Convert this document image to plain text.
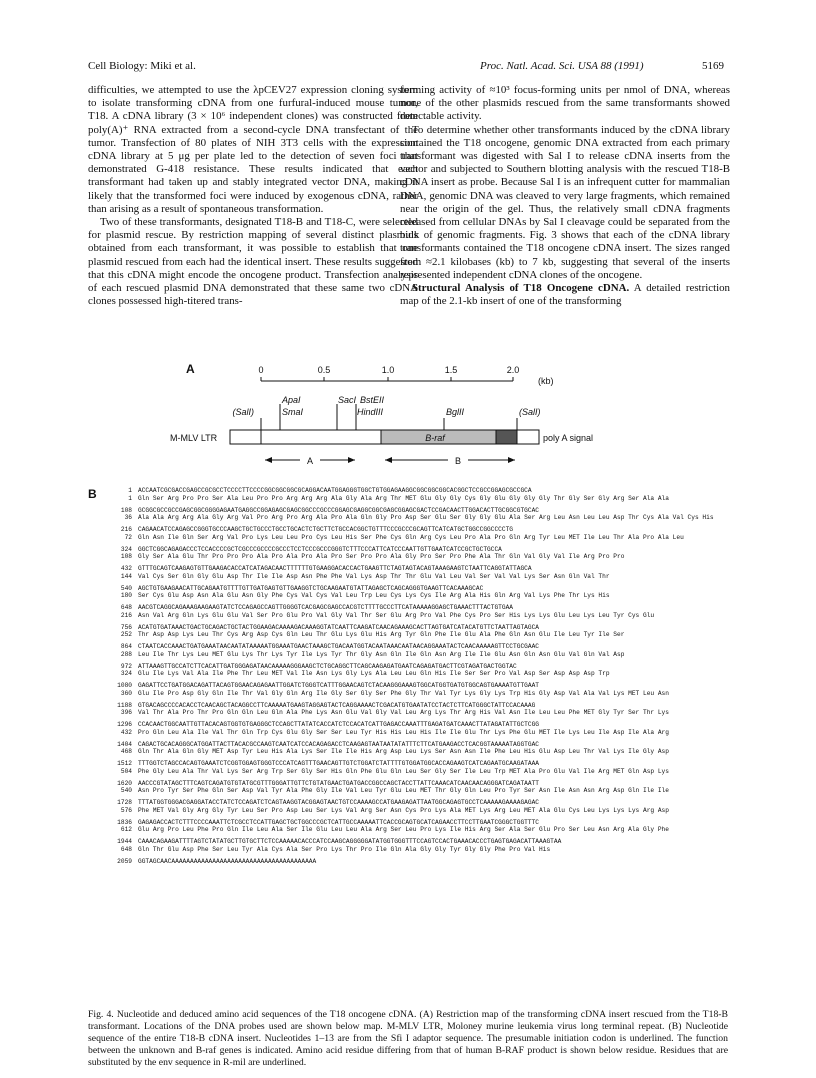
Cell Biology: Miki et al.	Proc. Natl. Acad. Sci. USA 88 (1991)	5169

difficulties, we attempted to use the λpCEV27 expression cloning system to isolate transforming cDNA from one furfural-induced mouse tumor, T18. A cDNA library (3 × 10⁶ independent clones) was constructed from poly(A)⁺ RNA extracted from a second-cycle DNA transfectant of the tumor. Transfection of 80 plates of NIH 3T3 cells with the expression cDNA library at 5 μg per plate led to the detection of seven foci that demonstrated G-418 resistance. These results indicated that each transformant had taken up and stably integrated vector DNA, making it likely that the transformed foci were induced by exogenous cDNA, rather than arising as a result of spontaneous transformation.

Two of these transformants, designated T18-B and T18-C, were selected for plasmid rescue. By restriction mapping of several distinct plasmids obtained from each transformant, it was possible to establish that one plasmid rescued from each had the identical insert. These results suggested that this cDNA might encode the oncogene product. Transfection analysis of each rescued plasmid DNA demonstrated that these same two cDNA clones possessed high-titered trans-

forming activity of ≈10³ focus-forming units per nmol of DNA, whereas none of the other plasmids rescued from the same transformants showed detectable activity.

To determine whether other transformants induced by the cDNA library contained the T18 oncogene, genomic DNA extracted from each primary transformant was digested with Sal I to release cDNA inserts from the vector and subjected to Southern blotting analysis with the rescued T18-B cDNA insert as probe. Because Sal I is an infrequent cutter for mammalian DNA, genomic DNA was cleaved to very large fragments, which remained near the origin of the gel. Thus, the relatively small cDNA fragments released from cellular DNAs by Sal I cleavage could be separated from the bulk of genomic fragments. Fig. 3 shows that each of the cDNA library transformants contained the T18 oncogene cDNA insert. The sizes ranged from ≈2.1 kilobases (kb) to 7 kb, suggesting that several of the inserts represented independent cDNA clones of the oncogene.

Structural Analysis of T18 Oncogene cDNA. A detailed restriction map of the 2.1-kb insert of one of the transforming

A	0	0.5	1.0	1.5	2.0
(kb)
ApaI
SmaI
SacI BstEII
HindIII	BglII
(SalI)	(SalI)
M-MLV LTR	B-raf	poly A signal
A	B
B	1 ACCAATCGCGACCGAGCCGCGCCTCCCCTTCCCCGGCGGCGGCGCAGGACAATGGAGGGTGGCTGTGGAGAAGGCGGCGGCGGCACGGCTCCGCCGGAGCGCCGCA
1 Gln Ser Arg Pro Pro Ser Ala Leu Pro Pro Arg Arg Arg Ala Gly Ala Arg Thr MET Glu Gly Gly Cys Gly Glu Gly Gly Gly Thr Gly Ser Gly Arg Ser Ala Ala
108 GCGGCGCCGCCGAGCGGCGGGGAGAATGAGGCCGGAGAGCGAGCGGCCCGCCCGGAGCGAGGCGGCGAGCGGAGCGACTCCGACAACTTGGACACTTGCGGCGTGCAC
36 Ala Ala Arg Arg Ala Gly Arg Val Pro Arg Pro Arg Ala Pro Ala Gln Gly Pro Asp Ser Glu Ser Gly Gly Glu Ala Ser Arg Leu Asn Leu Leu Asp Thr Cys Ala Val Cys His
216 CAGAACATCCAGAGCCGGGTGCCCAAGCTGCTGCCCTGCCTGCACTCTGCTTCTGCCACGGCTGTTTCCCGCCCGCAGTTCATCATGCTGGCCGGCCCCTG
72 Gln Asn Ile Gln Ser Arg Val Pro Lys Leu Leu Pro Cys Leu His Ser Phe Cys Gln Arg Cys Leu Pro Ala Pro Gln Arg Tyr Leu MET Ile Leu Thr Ala Pro Ala Leu
324 GGCTCGGCAGAGACCCTCCACCCCGCTCGCCCGCCCCGCCCTCCTCCCGCCCGGGTCTTTCCCATTCATCCCAATTGTTGAATCATCCGCTGCTGCCA
108 Gly Ser Ala Glu Thr Pro Pro Pro Ala Pro Ala Pro Ala Pro Ser Pro Pro Ala Gly Pro Ser Pro Phe Ala Thr Gln Val Gly Val Ile Arg Pro Pro
432 GTTTGCAGTCAAGAGTGTTGAAGACACCATCATAGACAACTTTTTTGTGAAGGACACCACTGAAGTTCTAGTAGTACAGTAAAGAAGTCTAATTCAGGTATTAGCA
144 Val Cys Ser Gln Gly Glu Asp Thr Ile Ile Asp Asn Phe Phe Val Lys Asp Thr Thr Glu Val Leu Val Ser Val Val Lys Ser Asn Gln Val Thr
540 AGCTGTGAAGAACATTGCAGAATGTTTTGTTGATGAGTGTTGAAGGTCTGCAAGAATGTATTAGAGCTCAGCAGGGTGAAGTTCACAAAGCAC
180 Ser Cys Glu Asp Asn Ala Glu Asn Gly Phe Cys Val Cys Val Leu Trp Leu Cys Lys Cys Ile Arg Ala His Gln Arg Val Lys Phe Thr Lys His
648 AACGTCAGGCAGAAAGAAGAAGTATCTCCAGAGCCAGTTGGGGTCACGAGCGAGCCACGTCTTTTGCCCTTCATAAAAAGGAGCTGAAACTTTACTGTGAA
216 Asn Val Arg Gln Lys Glu Glu Val Ser Pro Glu Pro Val Gly Val Thr Ser Glu Arg Pro Val Phe Cys Pro Ser His Lys Lys Glu Leu Lys Leu Tyr Cys Glu
756 ACATGTGATAAACTGACTGCAGACTGCTACTGGAAGACAAAAGACAAAGGTATCAATTCAAGATCAACAGAAAGCACTTAGTGATCATACATGTTCTAATTAGTAGCA
252 Thr Asp Asp Lys Leu Thr Cys Arg Asp Cys Gln Leu Thr Glu Lys Glu His Arg Tyr Gln Phe Ile Glu Ala Phe Gln Asn Glu Ile Leu Tyr Ile Ser
864 CTAATCACCAAACTGATGAAATAACAATATAAAAATGGAAATGAACTAAAGCTGACAATGGTACAATAAACAATAACAGGAAATACTCAACAAAAAGTTCCTGCGAAC
288 Leu Ile Thr Lys Leu MET Glu Lys Thr Lys Tyr Ile Lys Tyr Thr Gly Asn Gln Ile Gln Asn Arg Ile Ile Glu Asn Gln Asn Glu Val Gln Val Asp
972 ATTAAAGTTGCCATCTTCACATTGATGGGAGATAACAAAAAGGGAAGCTCTGCAGGCTTCAGCAAGAGATGAATCAGAGATGACTTCGTAGATGACTGGTAC
324 Glu Ile Lys Val Ala Ile Phe Thr Leu MET Val Ile Asn Lys Gly Lys Ala Leu Leu Gln His Ile Ser Ser Pro Val Asp Ser Asp Asp Asp Trp
1080 GAGATTCCTGATGGACAGATTACAGTGGAACAGAGAATTGGATCTGGGTCATTTGGAACAGTCTACAAGGGAAAGTGGCATGGTGATGTGGCAGTGAAAATGTTGAAT
360 Glu Ile Pro Asp Gly Gln Ile Thr Val Gly Gln Arg Ile Gly Ser Gly Ser Phe Gly Thr Val Tyr Lys Gly Lys Trp His Gly Asp Val Ala Val Lys MET Leu Asn
1188 GTGACAGCCCCACACCTCAACAGCTACAGGCCTTCAAAAATGAAGTAGGAGTACTCAGGAAAACTCGACATGTGAATATCCTACTCTTCATGGGCTATTCCACAAAG
396 Val Thr Ala Pro Thr Pro Gln Gln Leu Gln Ala Phe Lys Asn Glu Val Gly Val Leu Arg Lys Thr Arg His Val Asn Ile Leu Leu Phe MET Gly Tyr Ser Thr Lys
1296 CCACAACTGGCAATTGTTACACAGTGGTGTGAGGGCTCCAGCTTATATCACCATCTCCACATCATTGAGACCAAATTTGAGATGATCAAACTTATAGATATTGCTCGG
432 Pro Gln Leu Ala Ile Val Thr Gln Trp Cys Glu Gly Ser Ser Leu Tyr His His Leu His Ile Ile Glu Thr Lys Phe Glu MET Ile Lys Leu Ile Asp Ile Ala Arg
1404 CAGACTGCACAGGGCATGGATTACTTACACGCCAAGTCAATCATCCACAGAGACCTCAAGAGTAATAATATATTTCTTCATGAAGACCTCACGGTAAAAATAGGTGAC
468 Gln Thr Ala Gln Gly MET Asp Tyr Leu His Ala Lys Ser Ile Ile His Arg Asp Leu Lys Ser Asn Asn Ile Phe Leu His Glu Asp Leu Thr Val Lys Ile Gly Asp
1512 TTTGGTCTAGCCACAGTGAAATCTCGGTGGAGTGGGTCCCATCAGTTTGAACAGTTGTCTGGATCTATTTTGTGGATGGCACCAGAAGTCATCAGAATGCAAGATAAA
504 Phe Gly Leu Ala Thr Val Lys Ser Arg Trp Ser Gly Ser His Gln Phe Glu Gln Leu Ser Gly Ser Ile Leu Trp MET Ala Pro Glu Val Ile Arg MET Gln Asp Lys
1620 AACCCGTATAGCTTTCAGTCAGATGTGTATGCGTTTGGGATTGTTCTGTATGAACTGATGACCGGCCAGCTACCTTATTCAAACATCAACAACAGGGATCAGATAATT
540 Asn Pro Tyr Ser Phe Gln Ser Asp Val Tyr Ala Phe Gly Ile Val Leu Tyr Glu Leu MET Thr Gly Gln Leu Pro Tyr Ser Asn Ile Asn Asn Arg Asp Gln Ile Ile
1728 TTTATGGTGGGACGAGGATACCTATCTCCAGATCTCAGTAAGGTACGGAGTAACTGTCCAAAAGCCATGAAGAGATTAATGGCAGAGTGCCTCAAAAAGAAAAGAGAC
576 Phe MET Val Gly Arg Gly Tyr Leu Ser Pro Asp Leu Ser Lys Val Arg Ser Asn Cys Pro Lys Ala MET Lys Arg Leu MET Ala Glu Cys Leu Lys Lys Lys Arg Asp
1836 GAGAGACCACTCTTTCCCCAAATTCTCGCCTCCATTGAGCTGCTGGCCCGCTCATTGCCAAAAATTCACCGCAGTGCATCAGAACCTTCCTTGAATCGGGCTGGTTTC
612 Glu Arg Pro Leu Phe Pro Gln Ile Leu Ala Ser Ile Glu Leu Leu Ala Arg Ser Leu Pro Lys Ile His Arg Ser Ala Ser Glu Pro Ser Leu Asn Arg Ala Gly Phe
1944 CAAACAGAAGATTTTAGTCTATATGCTTGTGCTTCTCCAAAAACACCCATCCAAGCAGGGGGATATGGTGGGTTTCCAGTCCACTGAAACACCCTGAGTGAGACATTAAAGTAA
648 Gln Thr Glu Asp Phe Ser Leu Tyr Ala Cys Ala Ser Pro Lys Thr Pro Ile Gln Ala Gly Gly Tyr Gly Gly Phe Pro Val His
2059 GGTAGCAACAAAAAAAAAAAAAAAAAAAAAAAAAAAAAAAAAAAAAAA
Fig. 4. Nucleotide and deduced amino acid sequences of the T18 oncogene cDNA. (A) Restriction map of the transforming cDNA insert rescued from the T18-B transformant. Locations of the DNA probes used are shown below map. M-MLV LTR, Moloney murine leukemia virus long terminal repeat. (B) Nucleotide sequence of the entire T18-B cDNA insert. Nucleotides 1–13 are from the Sfi I adaptor sequence. The presumable initiation codon is underlined. The function between the unknown and B-raf genes is indicated. Amino acid residue differing from that of human B-RAF product is shown below residue. Residues that are substituted by the env sequence in R-mil are underlined.
